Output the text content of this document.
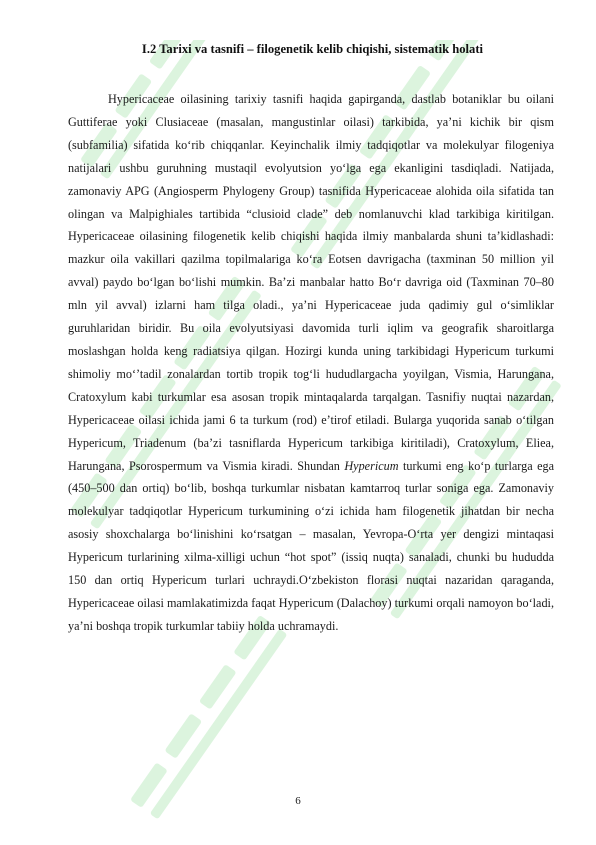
I.2 Tarixi va tasnifi – filogenetik kelib chiqishi, sistematik holati

Hypericaceae oilasining tarixiy tasnifi haqida gapirganda, dastlab botaniklar bu oilani Guttiferae yoki Clusiaceae (masalan, mangustinlar oilasi) tarkibida, ya’ni kichik bir qism (subfamilia) sifatida ko‘rib chiqqanlar. Keyinchalik ilmiy tadqiqotlar va molekulyar filogeniya natijalari ushbu guruhning mustaqil evolyutsion yo‘lga ega ekanligini tasdiqladi. Natijada, zamonaviy APG (Angiosperm Phylogeny Group) tasnifida Hypericaceae alohida oila sifatida tan olingan va Malpighiales tartibida “clusioid clade” deb nomlanuvchi klad tarkibiga kiritilgan. Hypericaceae oilasining filogenetik kelib chiqishi haqida ilmiy manbalarda shuni ta’kidlashadi: mazkur oila vakillari qazilma topilmalariga ko‘ra Eotsen davrigacha (taxminan 50 million yil avval) paydo bo‘lgan bo‘lishi mumkin. Ba’zi manbalar hatto Bo‘r davriga oid (Taxminan 70–80 mln yil avval) izlarni ham tilga oladi., ya’ni Hypericaceae juda qadimiy gul o‘simliklar guruhlaridan biridir. Bu oila evolyutsiyasi davomida turli iqlim va geografik sharoitlarga moslashgan holda keng radiatsiya qilgan. Hozirgi kunda uning tarkibidagi Hypericum turkumi shimoliy mo‘’tadil zonalardan tortib tropik tog‘li hududlargacha yoyilgan, Vismia, Harungana, Cratoxylum kabi turkumlar esa asosan tropik mintaqalarda tarqalgan. Tasnifiy nuqtai nazardan, Hypericaceae oilasi ichida jami 6 ta turkum (rod) e’tirof etiladi. Bularga yuqorida sanab o‘tilgan Hypericum, Triadenum (ba’zi tasniflarda Hypericum tarkibiga kiritiladi), Cratoxylum, Eliea, Harungana, Psorospermum va Vismia kiradi. Shundan Hypericum turkumi eng ko‘p turlarga ega (450–500 dan ortiq) bo‘lib, boshqa turkumlar nisbatan kamtarroq turlar soniga ega. Zamonaviy molekulyar tadqiqotlar Hypericum turkumining o‘zi ichida ham filogenetik jihatdan bir necha asosiy shoxchalarga bo‘linishini ko‘rsatgan – masalan, Yevropa-O‘rta yer dengizi mintaqasi Hypericum turlarining xilma-xilligi uchun “hot spot” (issiq nuqta) sanaladi, chunki bu hududda 150 dan ortiq Hypericum turlari uchraydi.O‘zbekiston florasi nuqtai nazaridan qaraganda, Hypericaceae oilasi mamlakatimizda faqat Hypericum (Dalachoy) turkumi orqali namoyon bo‘ladi, ya’ni boshqa tropik turkumlar tabiiy holda uchramaydi.

6
